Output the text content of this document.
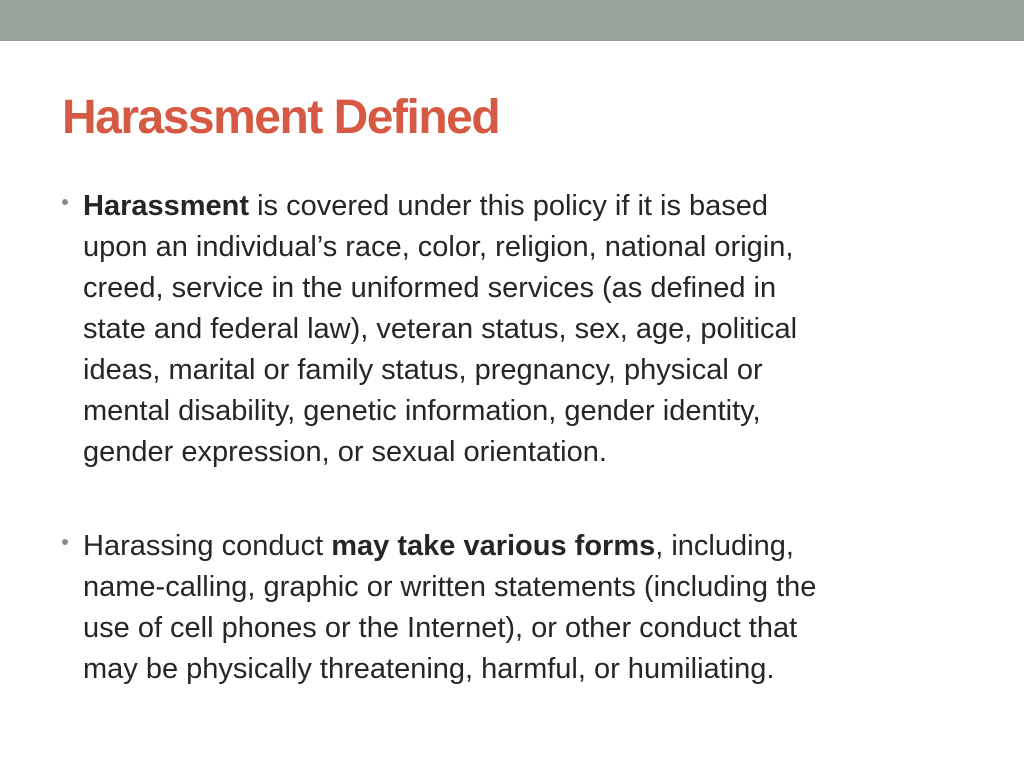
Harassment Defined
Harassment is covered under this policy if it is based
upon an individual’s race, color, religion, national origin,
creed, service in the uniformed services (as defined in
state and federal law), veteran status, sex, age, political
ideas, marital or family status, pregnancy, physical or
mental disability, genetic information, gender identity,
gender expression, or sexual orientation.
Harassing conduct may take various forms, including,
name-calling, graphic or written statements (including the
use of cell phones or the Internet), or other conduct that
may be physically threatening, harmful, or humiliating.
